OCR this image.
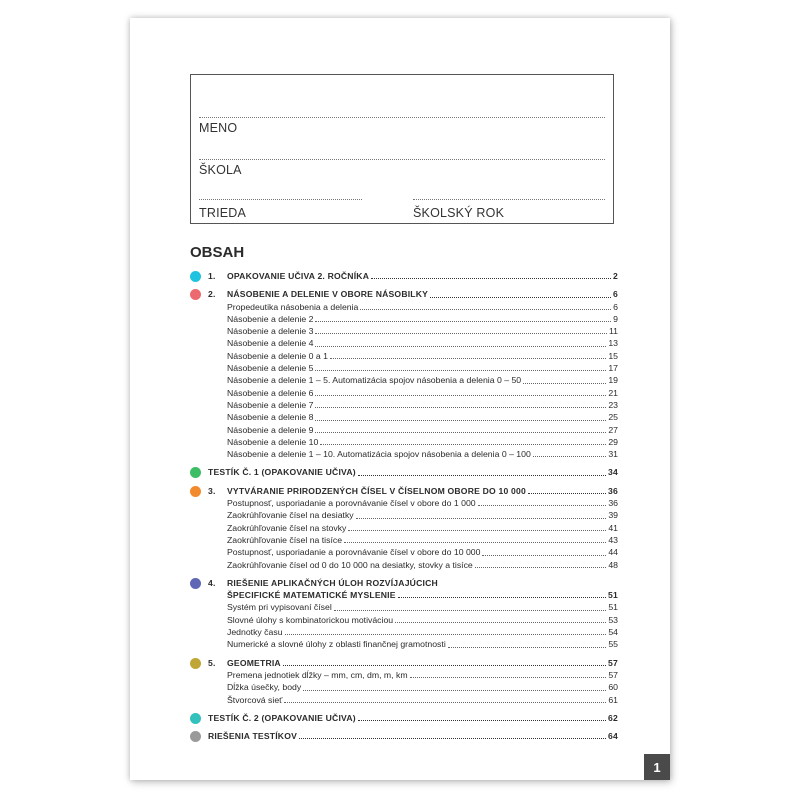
MENO
ŠKOLA
TRIEDA	ŠKOLSKÝ ROK
OBSAH
1.	OPAKOVANIE UČIVA 2. ROČNÍKA	2
2.	NÁSOBENIE A DELENIE V OBORE NÁSOBILKY	6
Propedeutika násobenia a delenia	6
Násobenie a delenie 2	9
Násobenie a delenie 3	11
Násobenie a delenie 4	13
Násobenie a delenie 0 a 1	15
Násobenie a delenie 5	17
Násobenie a delenie 1 – 5. Automatizácia spojov násobenia a delenia 0 – 50	19
Násobenie a delenie 6	21
Násobenie a delenie 7	23
Násobenie a delenie 8	25
Násobenie a delenie 9	27
Násobenie a delenie 10	29
Násobenie a delenie 1 – 10. Automatizácia spojov násobenia a delenia 0 – 100	31
TESTÍK Č. 1 (OPAKOVANIE UČIVA)	34
3.	VYTVÁRANIE PRIRODZENÝCH ČÍSEL V ČÍSELNOM OBORE DO 10 000	36
Postupnosť, usporiadanie a porovnávanie čísel v obore do 1 000	36
Zaokrúhľovanie čísel na desiatky	39
Zaokrúhľovanie čísel na stovky	41
Zaokrúhľovanie čísel na tisíce	43
Postupnosť, usporiadanie a porovnávanie čísel v obore do 10 000	44
Zaokrúhľovanie čísel od 0 do 10 000 na desiatky, stovky a tisíce	48
4.	RIEŠENIE APLIKAČNÝCH ÚLOH ROZVÍJAJÚCICH
ŠPECIFICKÉ MATEMATICKÉ MYSLENIE	51
Systém pri vypisovaní čísel	51
Slovné úlohy s kombinatorickou motiváciou	53
Jednotky času	54
Numerické a slovné úlohy z oblasti finančnej gramotnosti	55
5.	GEOMETRIA	57
Premena jednotiek dĺžky – mm, cm, dm, m, km	57
Dĺžka úsečky, body	60
Štvorcová sieť	61
TESTÍK Č. 2 (OPAKOVANIE UČIVA)	62
RIEŠENIA TESTÍKOV	64
1
